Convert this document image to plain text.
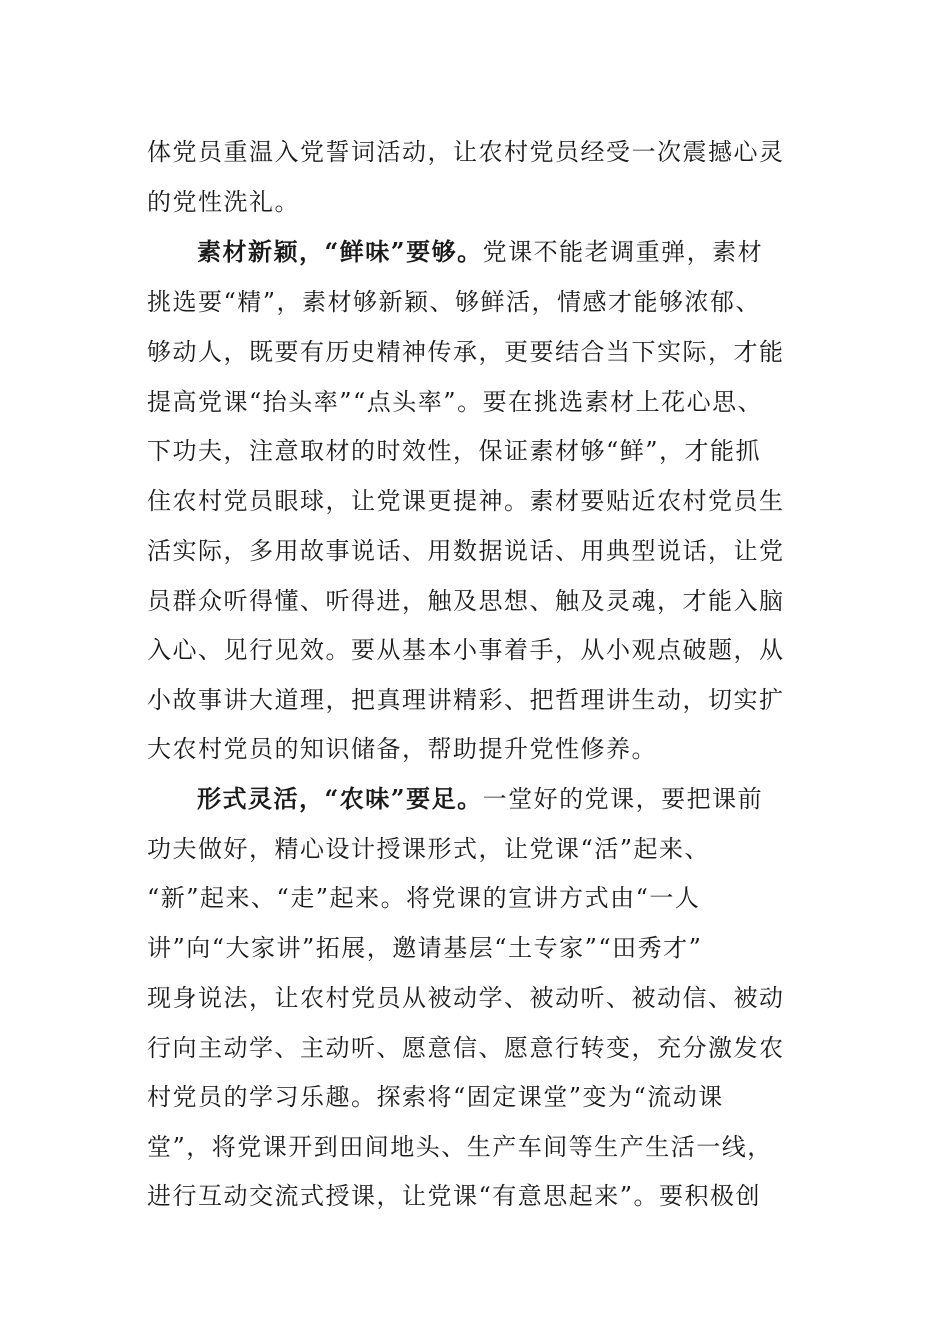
体党员重温入党誓词活动，让农村党员经受一次震撼心灵
的党性洗礼。
素材新颖，“鲜味”要够。党课不能老调重弹，素材
挑选要“精”，素材够新颖、够鲜活，情感才能够浓郁、
够动人，既要有历史精神传承，更要结合当下实际，才能
提高党课“抬头率”“点头率”。要在挑选素材上花心思、
下功夫，注意取材的时效性，保证素材够“鲜”，才能抓
住农村党员眼球，让党课更提神。素材要贴近农村党员生
活实际，多用故事说话、用数据说话、用典型说话，让党
员群众听得懂、听得进，触及思想、触及灵魂，才能入脑
入心、见行见效。要从基本小事着手，从小观点破题，从
小故事讲大道理，把真理讲精彩、把哲理讲生动，切实扩
大农村党员的知识储备，帮助提升党性修养。
形式灵活，“农味”要足。一堂好的党课，要把课前
功夫做好，精心设计授课形式，让党课“活”起来、
“新”起来、“走”起来。将党课的宣讲方式由“一人
讲”向“大家讲”拓展，邀请基层“土专家”“田秀才”
现身说法，让农村党员从被动学、被动听、被动信、被动
行向主动学、主动听、愿意信、愿意行转变，充分激发农
村党员的学习乐趣。探索将“固定课堂”变为“流动课
堂”，将党课开到田间地头、生产车间等生产生活一线，
进行互动交流式授课，让党课“有意思起来”。要积极创
